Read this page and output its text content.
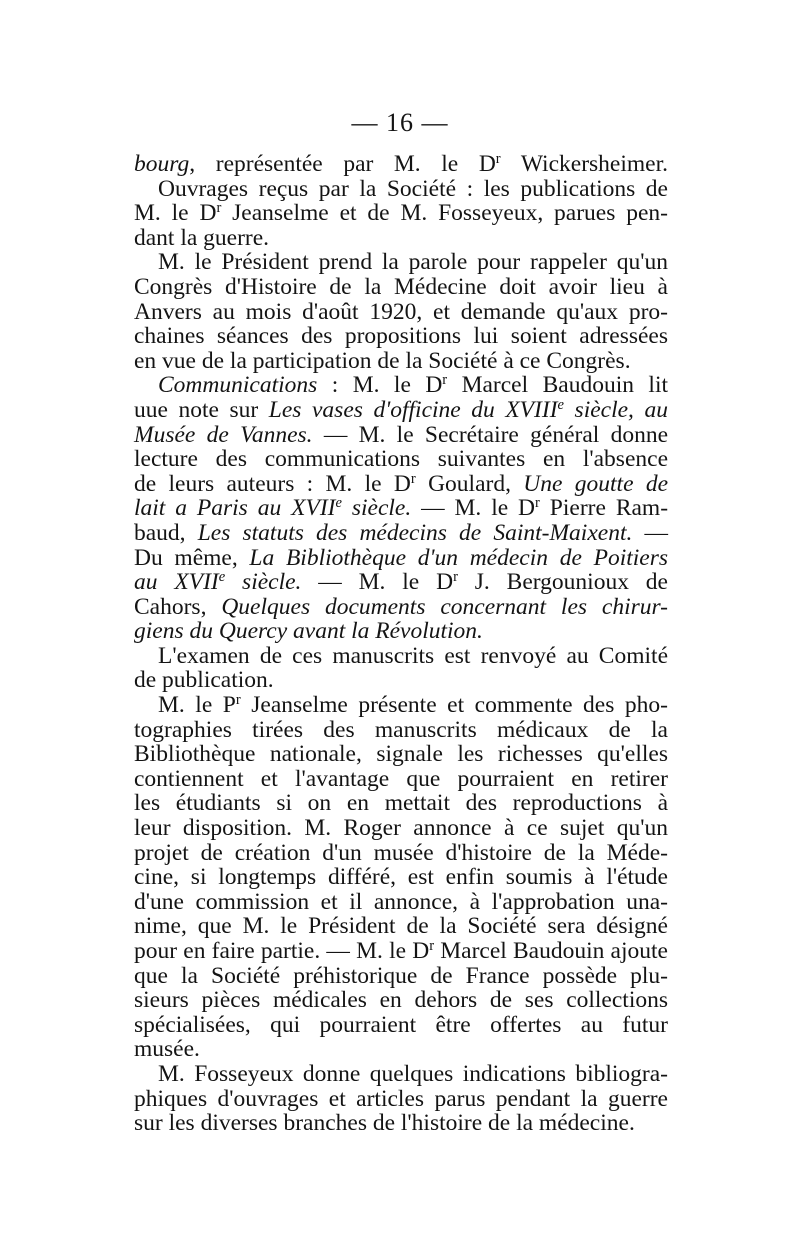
— 16 —
bourg, représentée par M. le $D^r$ Wickersheimer.
Ouvrages reçus par la Société : les publications de
M. le $D^r$ Jeanselme et de M. Fosseyeux, parues pen-
dant la guerre.
M. le Président prend la parole pour rappeler qu'un
Congrès d'Histoire de la Médecine doit avoir lieu à
Anvers au mois d'août 1920, et demande qu'aux pro-
chaines séances des propositions lui soient adressées
en vue de la participation de la Société à ce Congrès.
Communications : M. le $D^r$ Marcel Baudouin lit
uue note sur Les vases d'officine du XVIIIe siècle, au
Musée de Vannes. — M. le Secrétaire général donne
lecture des communications suivantes en l'absence
de leurs auteurs : M. le $D^r$ Goulard, Une goutte de
lait a Paris au XVIIe siècle. — M. le $D^r$ Pierre Ram-
baud, Les statuts des médecins de Saint-Maixent. —
Du même, La Bibliothèque d'un médecin de Poitiers
au XVIIe siècle. — M. le $D^r$ J. Bergounioux de
Cahors, Quelques documents concernant les chirur-
giens du Quercy avant la Révolution.
L'examen de ces manuscrits est renvoyé au Comité
de publication.
M. le $P^r$ Jeanselme présente et commente des pho-
tographies tirées des manuscrits médicaux de la
Bibliothèque nationale, signale les richesses qu'elles
contiennent et l'avantage que pourraient en retirer
les étudiants si on en mettait des reproductions à
leur disposition. M. Roger annonce à ce sujet qu'un
projet de création d'un musée d'histoire de la Méde-
cine, si longtemps différé, est enfin soumis à l'étude
d'une commission et il annonce, à l'approbation una-
nime, que M. le Président de la Société sera désigné
pour en faire partie. — M. le $D^r$ Marcel Baudouin ajoute
que la Société préhistorique de France possède plu-
sieurs pièces médicales en dehors de ses collections
spécialisées, qui pourraient être offertes au futur
musée.
M. Fosseyeux donne quelques indications bibliogra-
phiques d'ouvrages et articles parus pendant la guerre
sur les diverses branches de l'histoire de la médecine.
